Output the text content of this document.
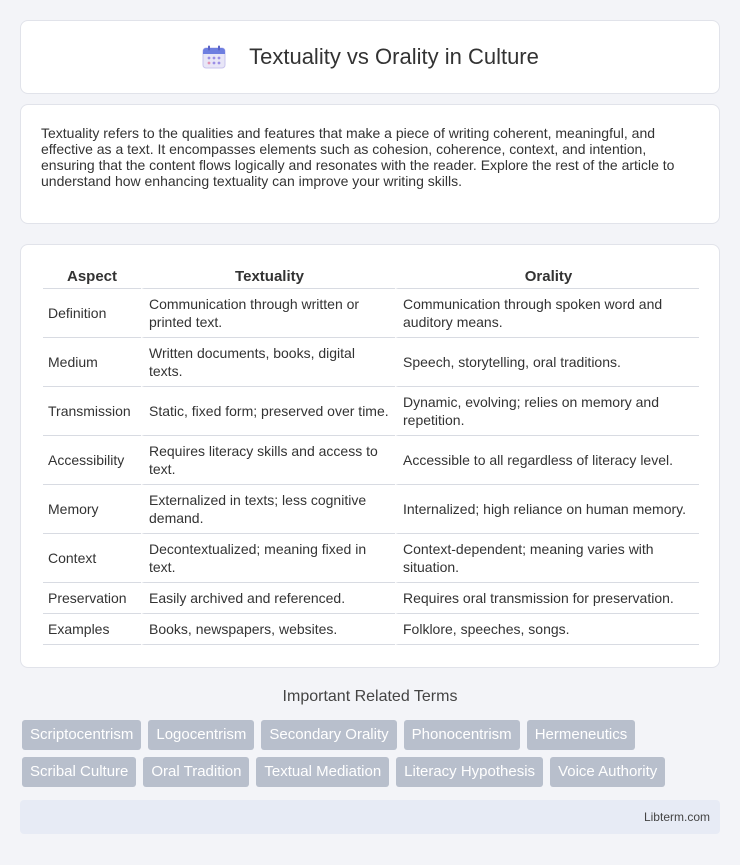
Textuality vs Orality in Culture

Textuality refers to the qualities and features that make a piece of writing coherent, meaningful, and effective as a text. It encompasses elements such as cohesion, coherence, context, and intention, ensuring that the content flows logically and resonates with the reader. Explore the rest of the article to understand how enhancing textuality can improve your writing skills.

Aspect	Textuality	Orality
Definition	Communication through written or printed text.	Communication through spoken word and auditory means.
Medium	Written documents, books, digital texts.	Speech, storytelling, oral traditions.
Transmission	Static, fixed form; preserved over time.	Dynamic, evolving; relies on memory and repetition.
Accessibility	Requires literacy skills and access to text.	Accessible to all regardless of literacy level.
Memory	Externalized in texts; less cognitive demand.	Internalized; high reliance on human memory.
Context	Decontextualized; meaning fixed in text.	Context-dependent; meaning varies with situation.
Preservation	Easily archived and referenced.	Requires oral transmission for preservation.
Examples	Books, newspapers, websites.	Folklore, speeches, songs.
Important Related Terms
Scriptocentrism	Logocentrism	Secondary Orality	Phonocentrism	Hermeneutics
Scribal Culture	Oral Tradition	Textual Mediation	Literacy Hypothesis	Voice Authority
Libterm.com
